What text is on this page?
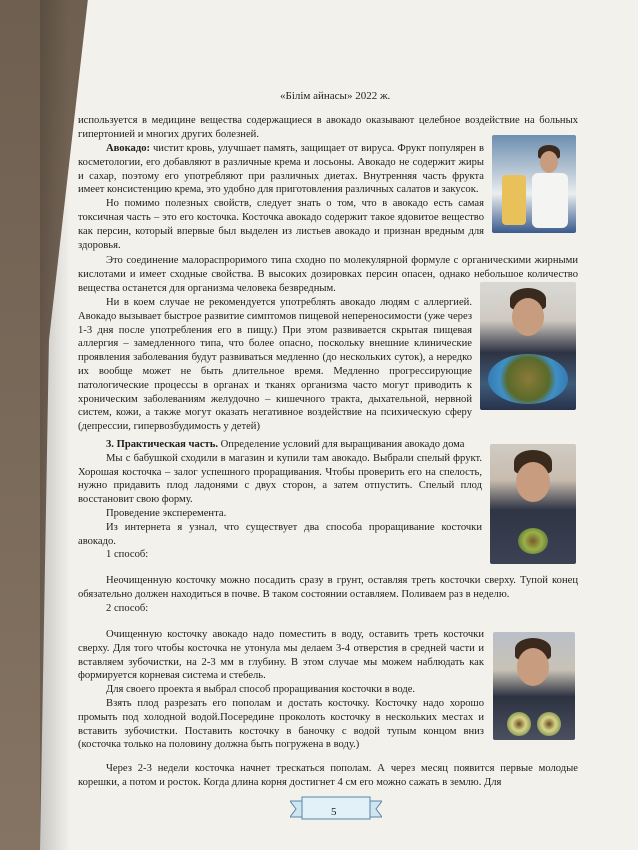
«Білім айнасы» 2022 ж.

используется в медицине вещества содержащиеся в авокадо оказывают целебное воздействие на больных гипертонией и многих других болезней.

Авокадо: чистит кровь, улучшает память, защищает от вируса. Фрукт популярен в косметологии, его добавляют в различные крема и лосьоны. Авокадо не содержит жиры и сахар, поэтому его употребляют при различных диетах. Внутренняя часть фрукта имеет консистенцию крема, это удобно для приготовления различных салатов и закусок.

Но помимо полезных свойств, следует знать о том, что в авокадо есть самая токсичная часть – это его косточка. Косточка авокадо содержит такое ядовитое вещество как персин, который впервые был выделен из листьев авокадо и признан вредным для здоровья.

Это соединение малораспроримого типа сходно по молекулярной формуле с органическими жирными кислотами и имеет сходные свойства. В высоких дозировках персин опасен, однако небольшое количество вещества останется для организма человека безвредным.

Ни в коем случае не рекомендуется употреблять авокадо людям с аллергией. Авокадо вызывает быстрое развитие симптомов пищевой непереносимости (уже через 1-3 дня после употребления его в пищу.) При этом развивается скрытая пищевая аллергия – замедленного типа, что более опасно, поскольку внешние клинические проявления заболевания будут развиваться медленно (до нескольких суток), а нередко их вообще может не быть длительное время. Медленно прогрессирующие патологические процессы в органах и тканях организма часто могут приводить к хроническим заболеваниям желудочно – кишечного тракта, дыхательной, нервной систем, кожи, а также могут оказать негативное воздействие на психическую сферу (депрессии, гипервозбудимость у детей)

3. Практическая часть. Определение условий для выращивания авокадо дома

Мы с бабушкой сходили в магазин и купили там авокадо. Выбрали спелый фрукт. Хорошая косточка – залог успешного проращивания. Чтобы проверить его на спелость, нужно придавить плод ладонями с двух сторон, а затем отпустить. Спелый плод восстановит свою форму.

Проведение эксперемента.

Из интернета я узнал, что существует два способа проращивание косточки авокадо.

1 способ:

Неочищенную косточку можно посадить сразу в грунт, оставляя треть косточки сверху. Тупой конец обязательно должен находиться в почве. В таком состоянии оставляем. Поливаем раз в неделю.

2 способ:

Очищенную косточку авокадо надо поместить в воду, оставить треть косточки сверху. Для того чтобы косточка не утонула мы делаем 3-4 отверстия в средней части и вставляем зубочистки, на 2-3 мм в глубину. В этом случае мы можем наблюдать как формируется корневая система и стебель.

Для своего проекта я выбрал способ проращивания косточки в воде.

Взять плод разрезать его пополам и достать косточку. Косточку надо хорошо промыть под холодной водой.Посередине проколоть косточку в нескольких местах и вставить зубочистки. Поставить косточку в баночку с водой тупым концом вниз (косточка только на половину должна быть погружена в воду.)

Через 2-3 недели косточка начнет трескаться пополам. А через месяц появится первые молодые корешки, а потом и росток. Когда длина корня достигнет 4 см его можно сажать в землю. Для

5
